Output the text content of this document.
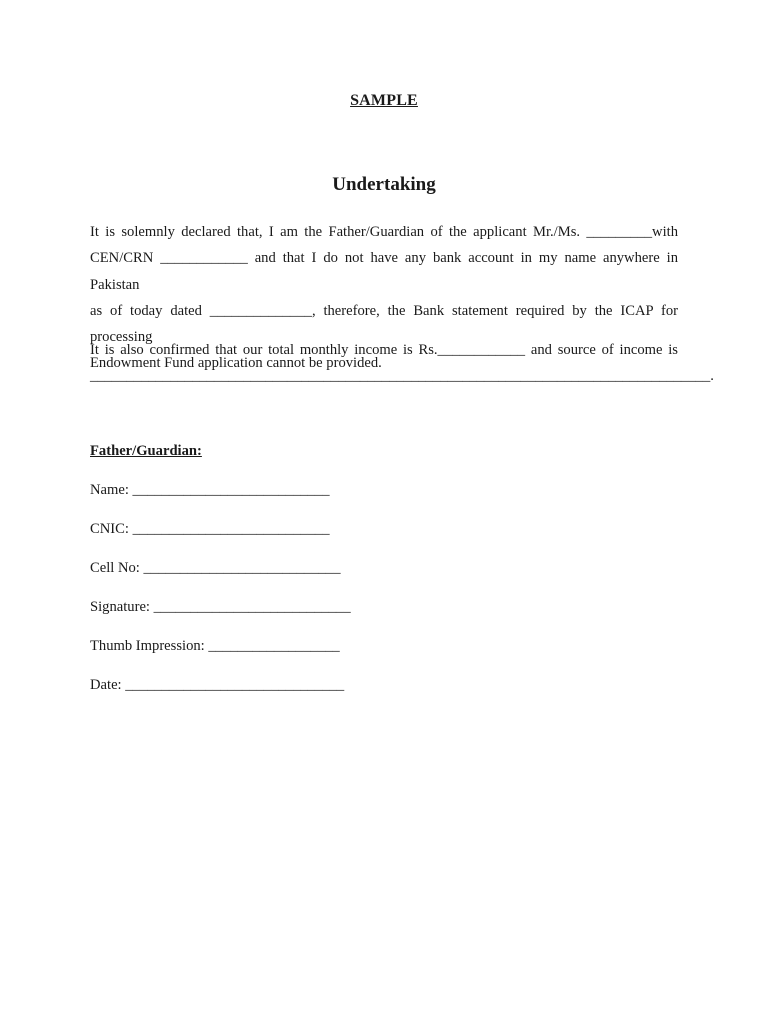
SAMPLE
Undertaking
It is solemnly declared that, I am the Father/Guardian of the applicant Mr./Ms. _________with
CEN/CRN ____________ and that I do not have any bank account in my name anywhere in Pakistan
as of today dated ______________, therefore, the Bank statement required by the ICAP for processing
Endowment Fund application cannot be provided.
It is also confirmed that our total monthly income is Rs.____________ and source of income is
_____________________________________________________________________________________.
Father/Guardian:
Name: ___________________________
CNIC: ___________________________
Cell No: ___________________________
Signature: ___________________________
Thumb Impression: __________________
Date: ______________________________
